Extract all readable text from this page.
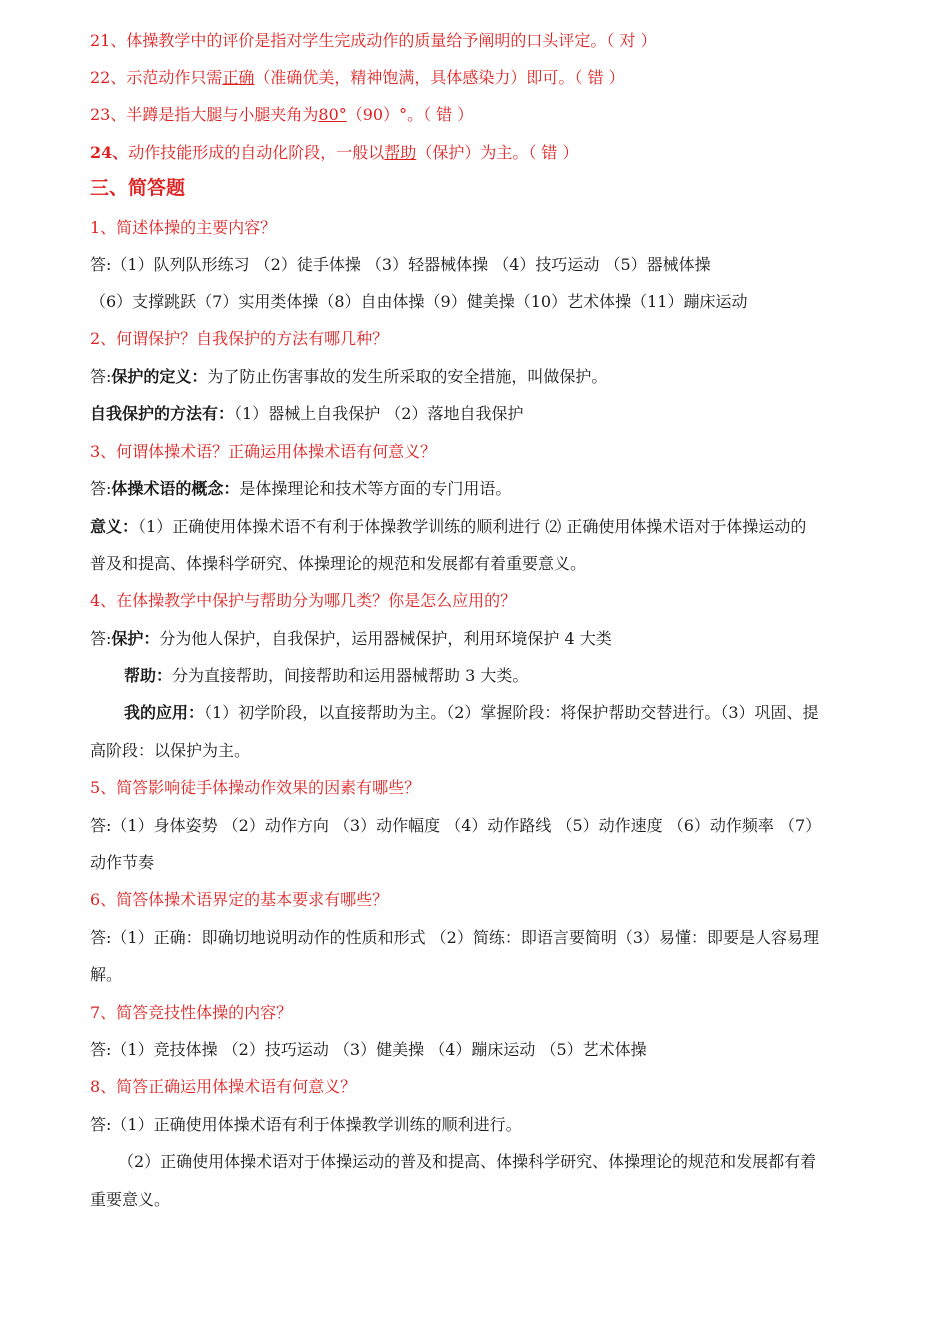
21、体操教学中的评价是指对学生完成动作的质量给予阐明的口头评定。（ 对 ）
22、示范动作只需正确（准确优美，精神饱满，具体感染力）即可。（ 错 ）
23、半蹲是指大腿与小腿夹角为80°（90）°。（ 错 ）
24、动作技能形成的自动化阶段，一般以帮助（保护）为主。（ 错 ）
三、简答题
1、简述体操的主要内容？
答:（1）队列队形练习 （2）徒手体操 （3）轻器械体操 （4）技巧运动 （5）器械体操
（6）支撑跳跃（7）实用类体操（8）自由体操（9）健美操（10）艺术体操（11）蹦床运动
2、何谓保护？自我保护的方法有哪几种？
答:保护的定义：为了防止伤害事故的发生所采取的安全措施，叫做保护。
自我保护的方法有：（1）器械上自我保护 （2）落地自我保护
3、何谓体操术语？正确运用体操术语有何意义？
答:体操术语的概念：是体操理论和技术等方面的专门用语。
意义：（1）正确使用体操术语不有利于体操教学训练的顺利进行 ⑵ 正确使用体操术语对于体操运动的
普及和提高、体操科学研究、体操理论的规范和发展都有着重要意义。
4、在体操教学中保护与帮助分为哪几类？你是怎么应用的？
答:保护：分为他人保护，自我保护，运用器械保护，利用环境保护 4 大类
帮助：分为直接帮助，间接帮助和运用器械帮助 3 大类。
我的应用：（1）初学阶段，以直接帮助为主。（2）掌握阶段：将保护帮助交替进行。（3）巩固、提
高阶段：以保护为主。
5、简答影响徒手体操动作效果的因素有哪些？
答:（1）身体姿势 （2）动作方向 （3）动作幅度 （4）动作路线 （5）动作速度 （6）动作频率 （7）
动作节奏
6、简答体操术语界定的基本要求有哪些？
答:（1）正确：即确切地说明动作的性质和形式 （2）简练：即语言要简明（3）易懂：即要是人容易理
解。
7、简答竞技性体操的内容？
答:（1）竞技体操 （2）技巧运动 （3）健美操 （4）蹦床运动 （5）艺术体操
8、简答正确运用体操术语有何意义？
答:（1）正确使用体操术语有利于体操教学训练的顺利进行。
（2）正确使用体操术语对于体操运动的普及和提高、体操科学研究、体操理论的规范和发展都有着
重要意义。
